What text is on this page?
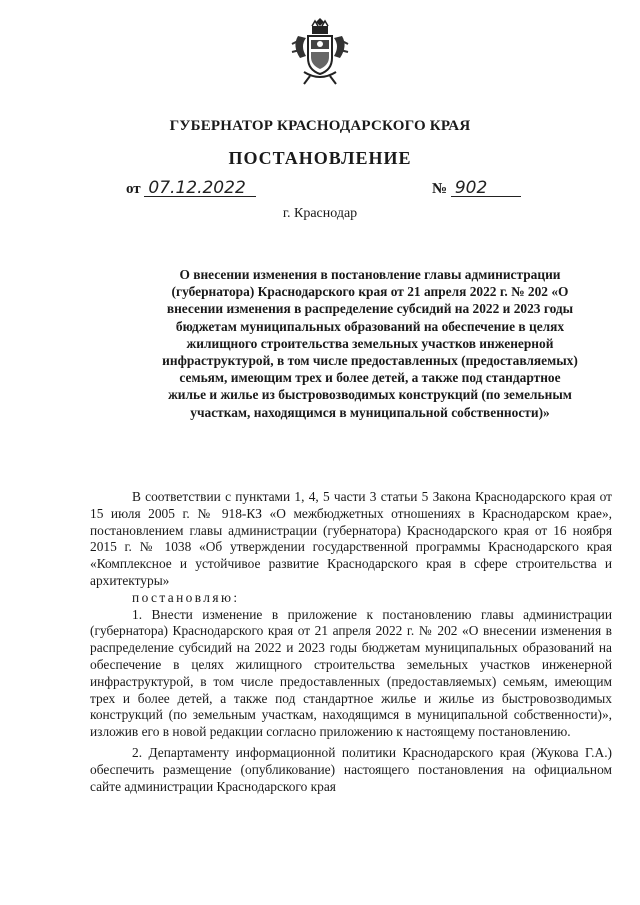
ГУБЕРНАТОР КРАСНОДАРСКОГО КРАЯ
ПОСТАНОВЛЕНИЕ
от 07.12.2022	№ 902
г. Краснодар
О внесении изменения в постановление главы администрации (губернатора) Краснодарского края от 21 апреля 2022 г. № 202 «О внесении изменения в распределение субсидий на 2022 и 2023 годы бюджетам муниципальных образований на обеспечение в целях жилищного строительства земельных участков инженерной инфраструктурой, в том числе предоставленных (предоставляемых) семьям, имеющим трех и более детей, а также под стандартное жилье и жилье из быстровозводимых конструкций (по земельным участкам, находящимся в муниципальной собственности)»

В соответствии с пунктами 1, 4, 5 части 3 статьи 5 Закона Краснодарского края от 15 июля 2005 г. № 918-КЗ «О межбюджетных отношениях в Краснодарском крае», постановлением главы администрации (губернатора) Краснодарского края от 16 ноября 2015 г. № 1038 «Об утверждении государственной программы Краснодарского края «Комплексное и устойчивое развитие Краснодарского края в сфере строительства и архитектуры»

постановляю:

1. Внести изменение в приложение к постановлению главы администрации (губернатора) Краснодарского края от 21 апреля 2022 г. № 202 «О внесении изменения в распределение субсидий на 2022 и 2023 годы бюджетам муниципальных образований на обеспечение в целях жилищного строительства земельных участков инженерной инфраструктурой, в том числе предоставленных (предоставляемых) семьям, имеющим трех и более детей, а также под стандартное жилье и жилье из быстровозводимых конструкций (по земельным участкам, находящимся в муниципальной собственности)», изложив его в новой редакции согласно приложению к настоящему постановлению.

2. Департаменту информационной политики Краснодарского края (Жукова Г.А.) обеспечить размещение (опубликование) настоящего постановления на официальном сайте администрации Краснодарского края
